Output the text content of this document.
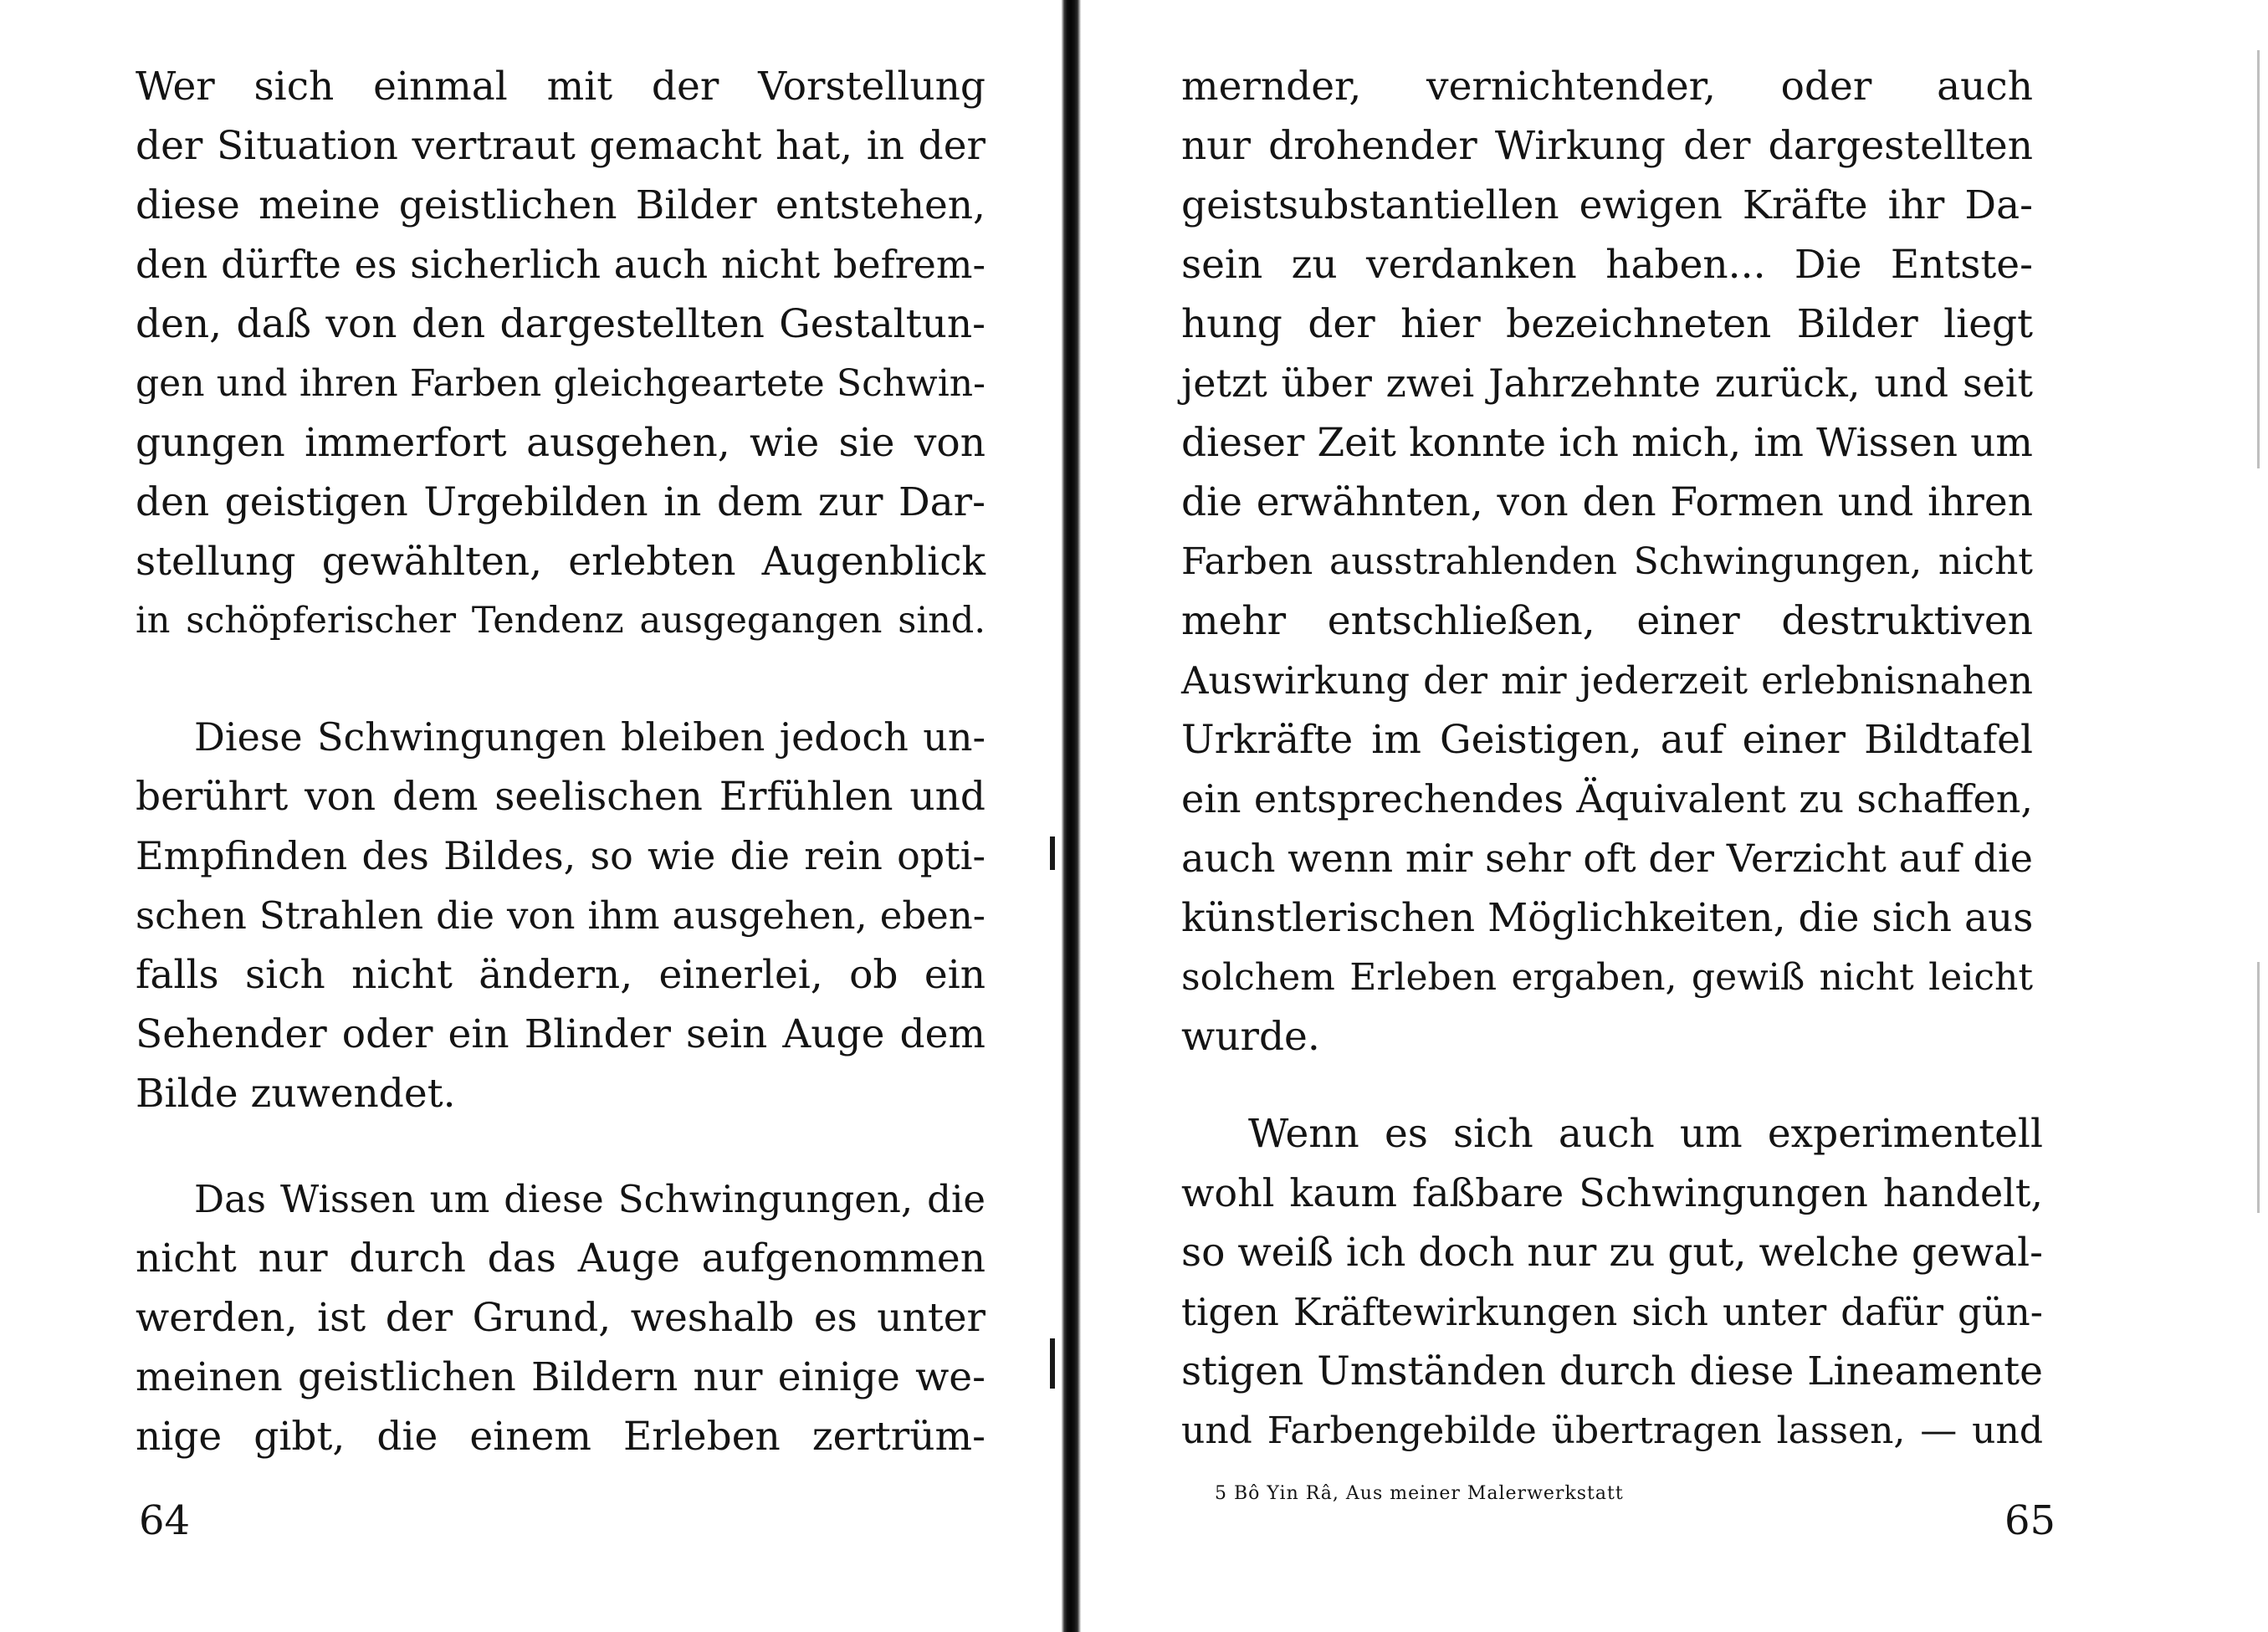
Wer sich einmal mit der Vorstellung
der Situation vertraut gemacht hat, in der
diese meine geistlichen Bilder entstehen,
den dürfte es sicherlich auch nicht befrem-
den, daß von den dargestellten Gestaltun-
gen und ihren Farben gleichgeartete Schwin-
gungen immerfort ausgehen, wie sie von
den geistigen Urgebilden in dem zur Dar-
stellung gewählten, erlebten Augenblick
in schöpferischer Tendenz ausgegangen sind.
Diese Schwingungen bleiben jedoch un-
berührt von dem seelischen Erfühlen und
Empfinden des Bildes, so wie die rein opti-
schen Strahlen die von ihm ausgehen, eben-
falls sich nicht ändern, einerlei, ob ein
Sehender oder ein Blinder sein Auge dem
Bilde zuwendet.
Das Wissen um diese Schwingungen, die
nicht nur durch das Auge aufgenommen
werden, ist der Grund, weshalb es unter
meinen geistlichen Bildern nur einige we-
nige gibt, die einem Erleben zertrüm-
64
mernder, vernichtender, oder auch
nur drohender Wirkung der dargestellten
geistsubstantiellen ewigen Kräfte ihr Da-
sein zu verdanken haben... Die Entste-
hung der hier bezeichneten Bilder liegt
jetzt über zwei Jahrzehnte zurück, und seit
dieser Zeit konnte ich mich, im Wissen um
die erwähnten, von den Formen und ihren
Farben ausstrahlenden Schwingungen, nicht
mehr entschließen, einer destruktiven
Auswirkung der mir jederzeit erlebnisnahen
Urkräfte im Geistigen, auf einer Bildtafel
ein entsprechendes Äquivalent zu schaffen,
auch wenn mir sehr oft der Verzicht auf die
künstlerischen Möglichkeiten, die sich aus
solchem Erleben ergaben, gewiß nicht leicht
wurde.
Wenn es sich auch um experimentell
wohl kaum faßbare Schwingungen handelt,
so weiß ich doch nur zu gut, welche gewal-
tigen Kräftewirkungen sich unter dafür gün-
stigen Umständen durch diese Lineamente
und Farbengebilde übertragen lassen, — und
5 Bô Yin Râ, Aus meiner Malerwerkstatt
65
